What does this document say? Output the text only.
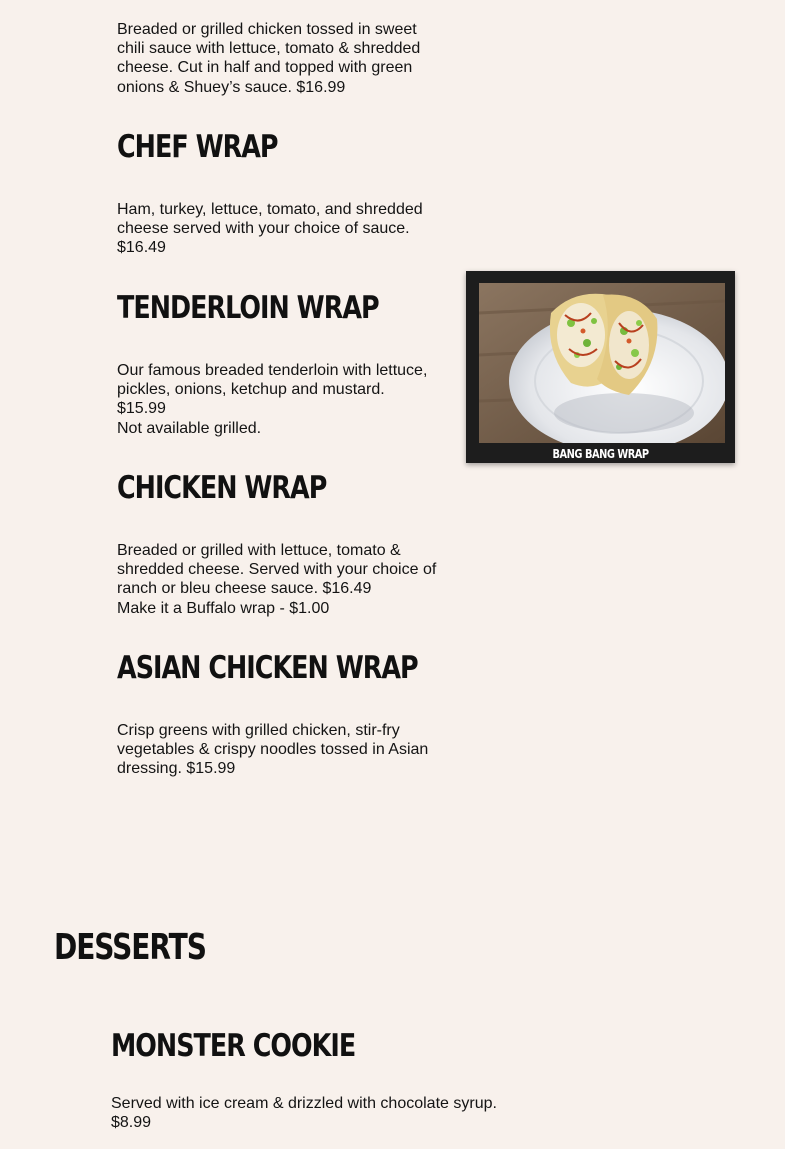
Breaded or grilled chicken tossed in sweet
chili sauce with lettuce, tomato & shredded
cheese. Cut in half and topped with green
onions & Shuey’s sauce. $16.99

CHEF WRAP

Ham, turkey, lettuce, tomato, and shredded
cheese served with your choice of sauce.
$16.49

TENDERLOIN WRAP

Our famous breaded tenderloin with lettuce,
pickles, onions, ketchup and mustard.
$15.99
Not available grilled.

CHICKEN WRAP

Breaded or grilled with lettuce, tomato &
shredded cheese. Served with your choice of
ranch or bleu cheese sauce. $16.49
Make it a Buffalo wrap - $1.00

ASIAN CHICKEN WRAP

Crisp greens with grilled chicken, stir-fry
vegetables & crispy noodles tossed in Asian
dressing. $15.99

BANG BANG WRAP
DESSERTS
MONSTER COOKIE

Served with ice cream & drizzled with chocolate syrup.
$8.99
